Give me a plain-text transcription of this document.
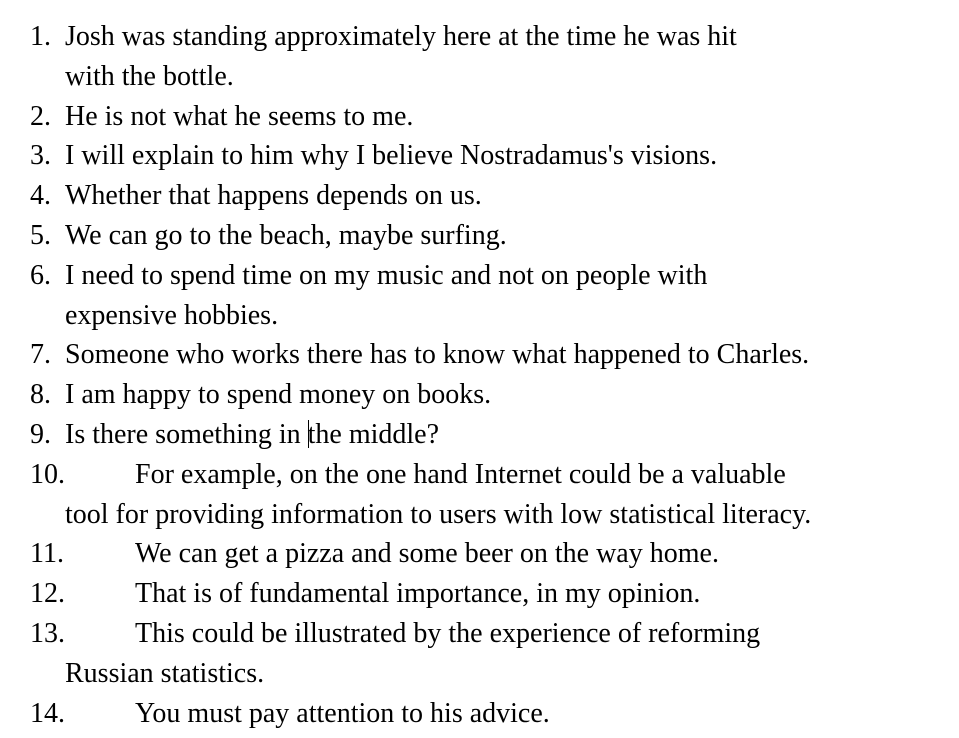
1. Josh was standing approximately here at the time he was hit
with the bottle.
2. He is not what he seems to me.
3. I will explain to him why I believe Nostradamus's visions.
4. Whether that happens depends on us.
5. We can go to the beach, maybe surfing.
6. I need to spend time on my music and not on people with
expensive hobbies.
7. Someone who works there has to know what happened to Charles.
8. I am happy to spend money on books.
9. Is there something in the middle?
10.	For example, on the one hand Internet could be a valuable
tool for providing information to users with low statistical literacy.
11.	We can get a pizza and some beer on the way home.
12.	That is of fundamental importance, in my opinion.
13.	This could be illustrated by the experience of reforming
Russian statistics.
14.	You must pay attention to his advice.
